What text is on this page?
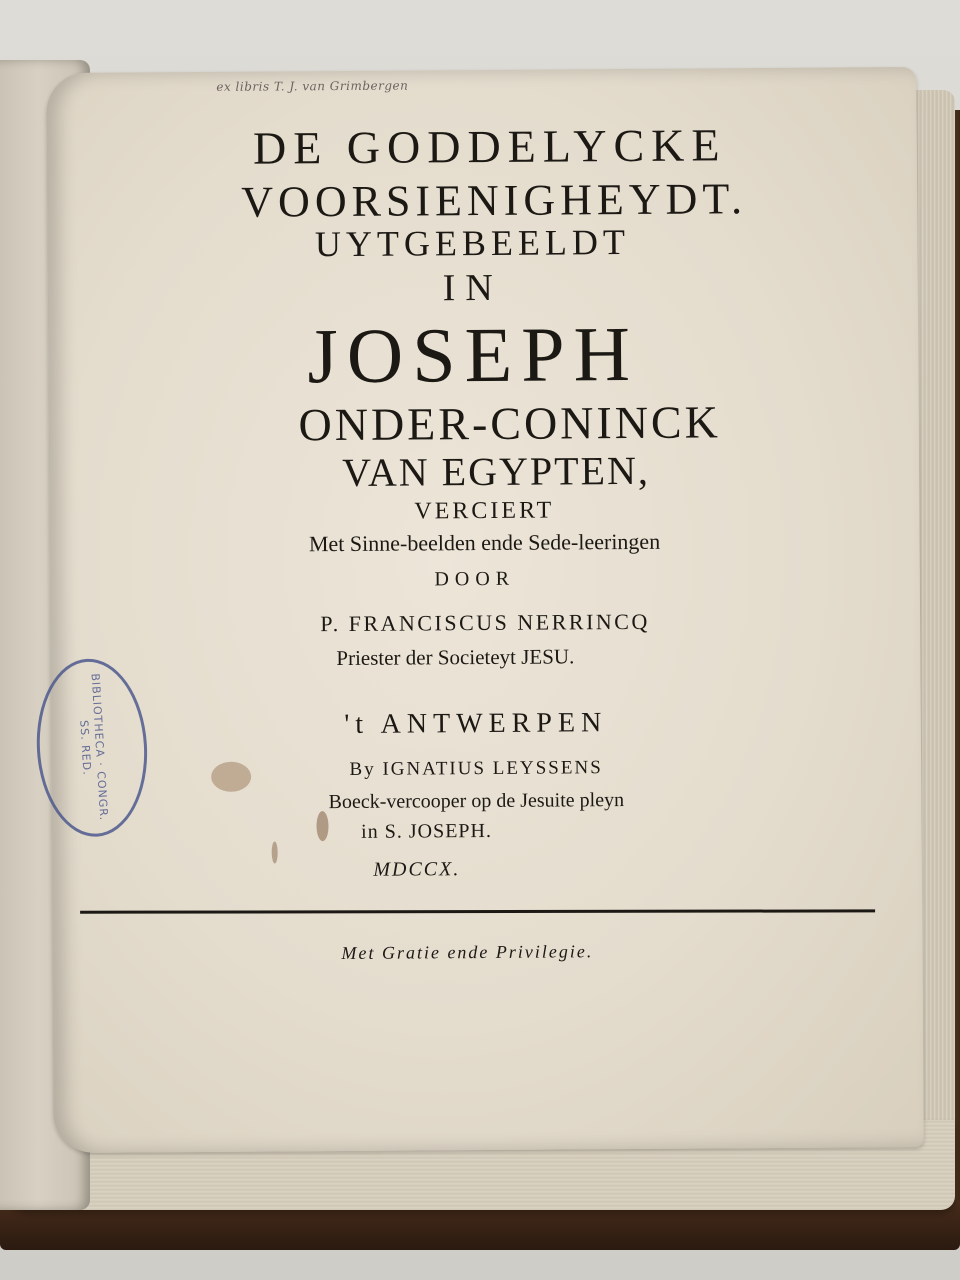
ex libris T. J. van Grimbergen
DE GODDELYCKE
VOORSIENIGHEYDT.
UYTGEBEELDT
IN
JOSEPH
ONDER-CONINCK
VAN EGYPTEN,
VERCIERT
Met Sinne-beelden ende Sede-leeringen
DOOR
P. FRANCISCUS NERRINCQ
Priester der Societeyt JESU.
't ANTWERPEN
By IGNATIUS LEYSSENS
Boeck-vercooper op de Jesuite pleyn
in S. JOSEPH.
MDCCX.
Met Gratie ende Privilegie.
BIBLIOTHECA · CONGR. SS. RED.
